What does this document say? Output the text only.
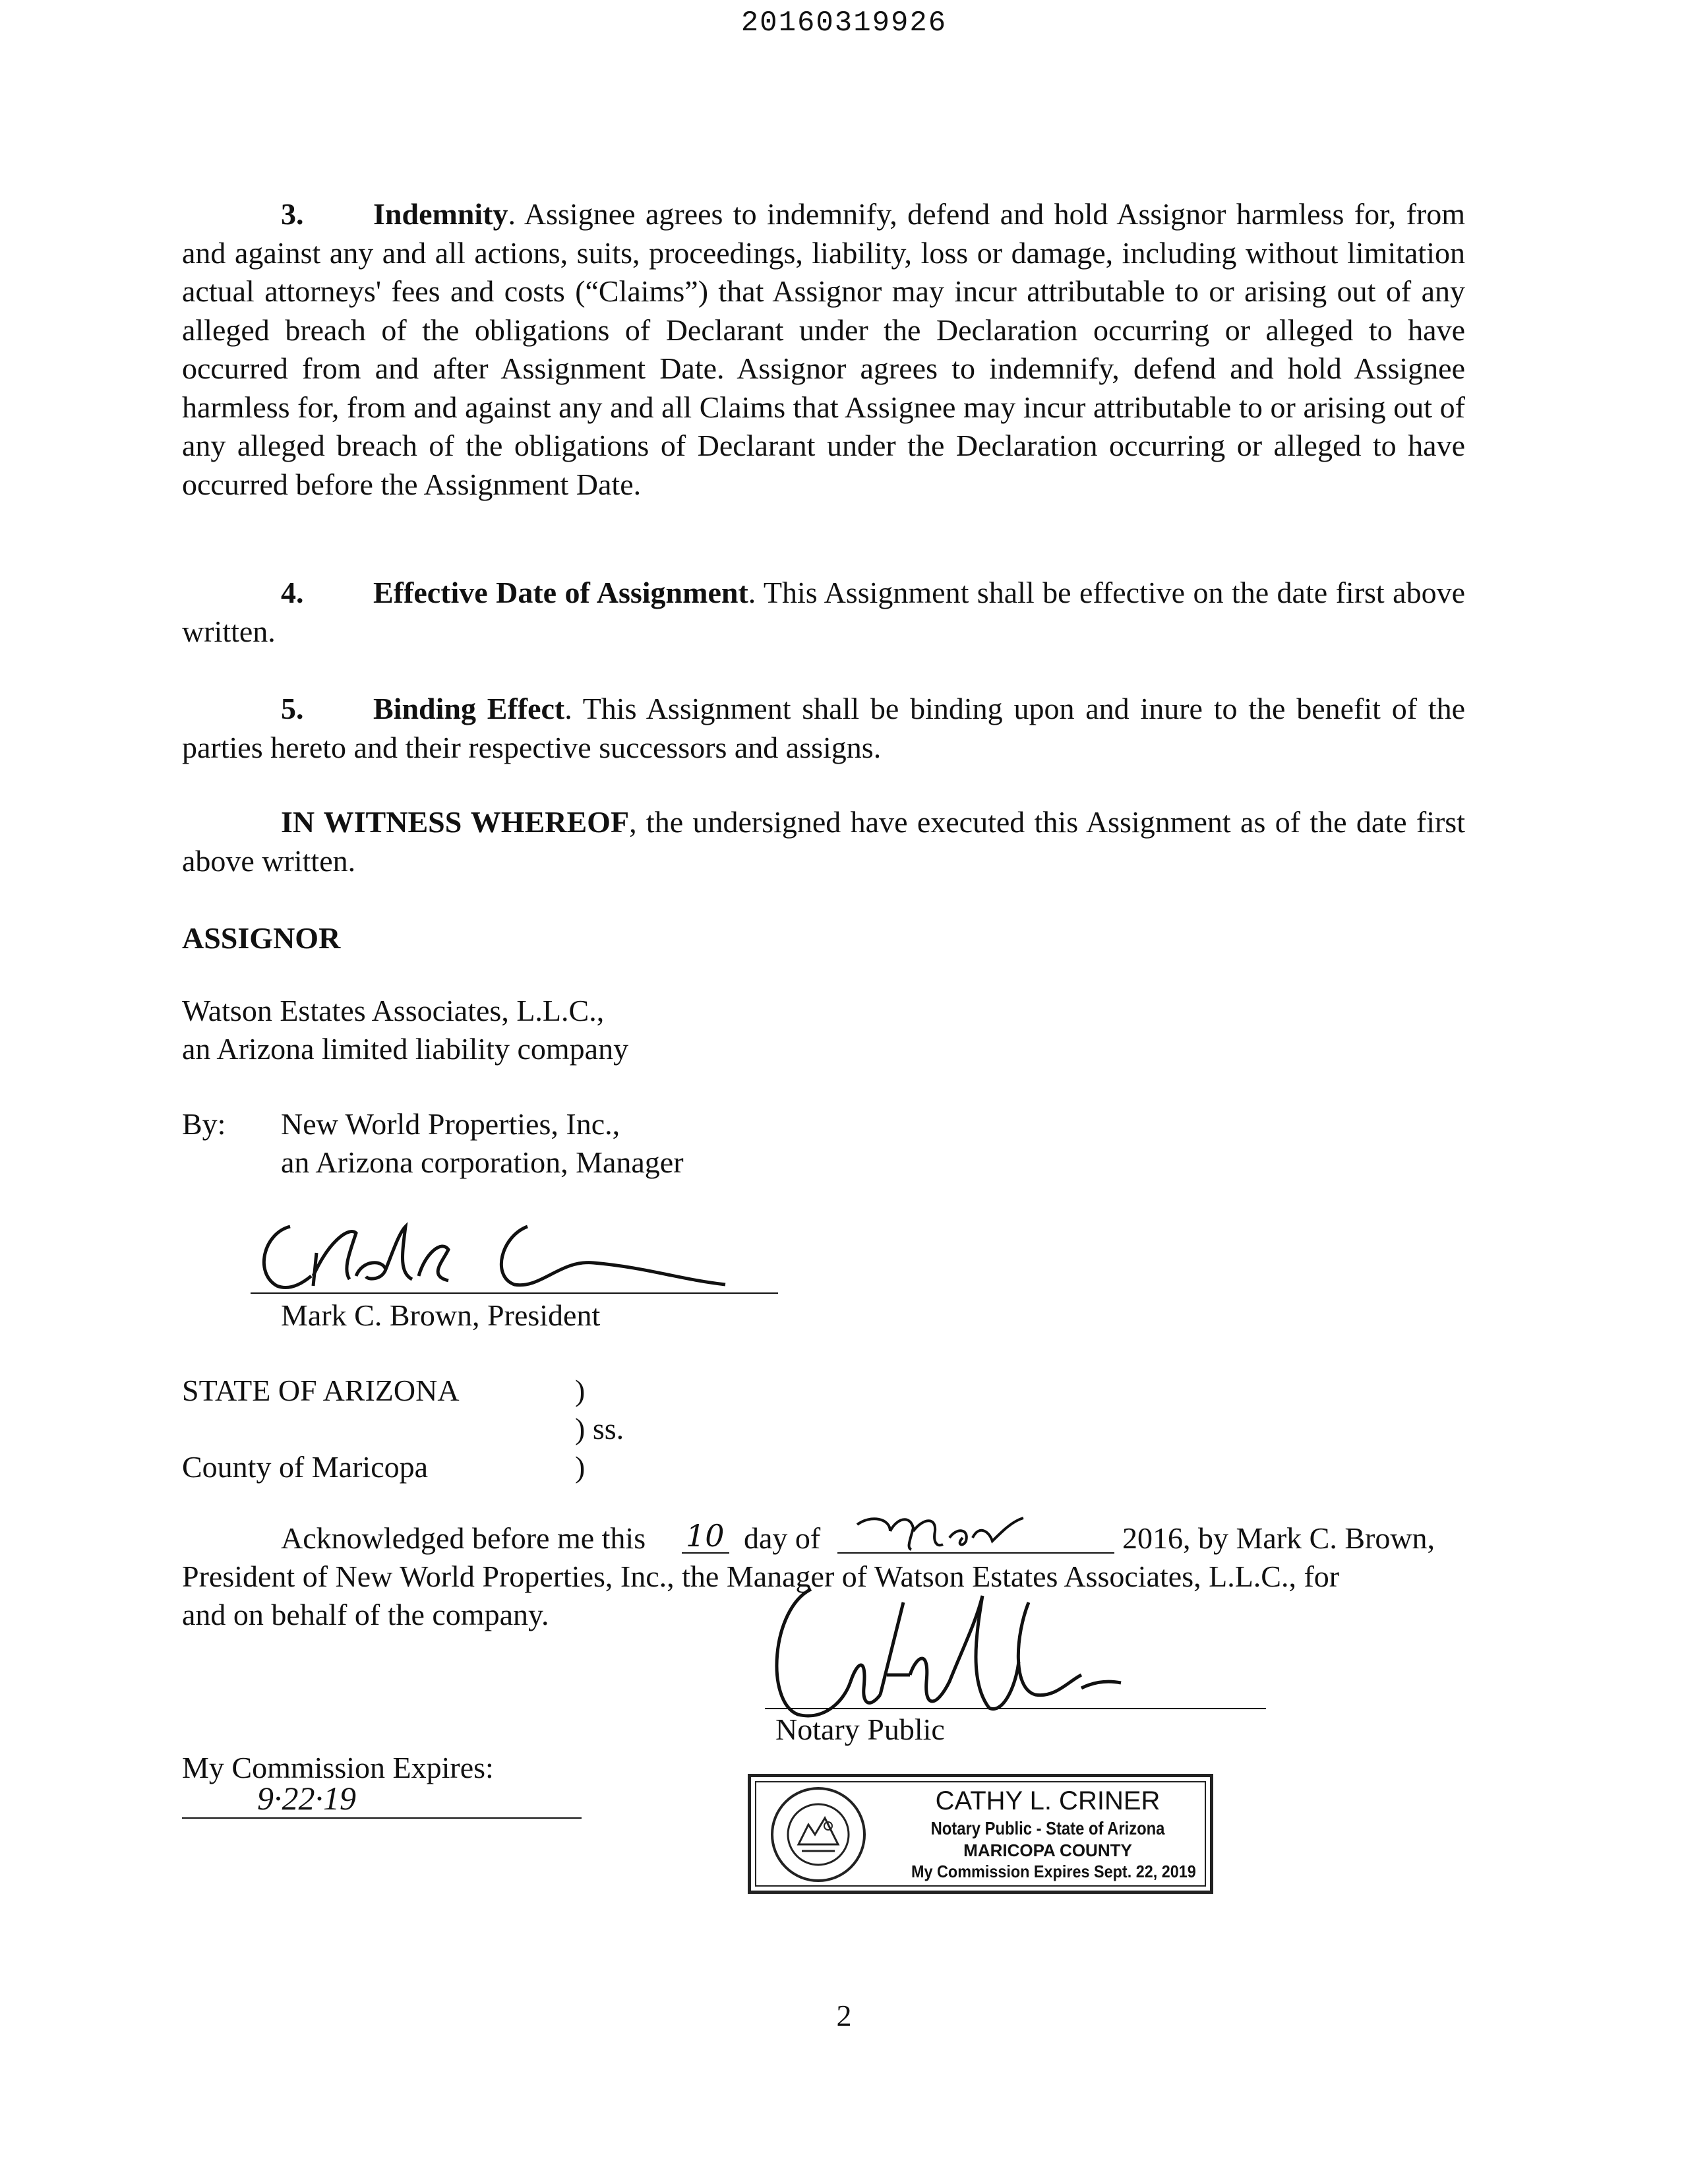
20160319926
3. Indemnity. Assignee agrees to indemnify, defend and hold Assignor harmless for, from and against any and all actions, suits, proceedings, liability, loss or damage, including without limitation actual attorneys' fees and costs (“Claims”) that Assignor may incur attributable to or arising out of any alleged breach of the obligations of Declarant under the Declaration occurring or alleged to have occurred from and after Assignment Date. Assignor agrees to indemnify, defend and hold Assignee harmless for, from and against any and all Claims that Assignee may incur attributable to or arising out of any alleged breach of the obligations of Declarant under the Declaration occurring or alleged to have occurred before the Assignment Date.
4. Effective Date of Assignment. This Assignment shall be effective on the date first above written.
5. Binding Effect. This Assignment shall be binding upon and inure to the benefit of the parties hereto and their respective successors and assigns.
IN WITNESS WHEREOF, the undersigned have executed this Assignment as of the date first above written.
ASSIGNOR
Watson Estates Associates, L.L.C.,
an Arizona limited liability company
By: New World Properties, Inc.,
an Arizona corporation, Manager
Mark C. Brown, President
STATE OF ARIZONA	)
) ss.
County of Maricopa	)
Acknowledged before me this 10 day of	2016, by Mark C. Brown,
President of New World Properties, Inc., the Manager of Watson Estates Associates, L.L.C., for
and on behalf of the company.
Notary Public
My Commission Expires:
9·22·19	CATHY L. CRINER
Notary Public - State of Arizona
MARICOPA COUNTY
My Commission Expires Sept. 22, 2019
2
